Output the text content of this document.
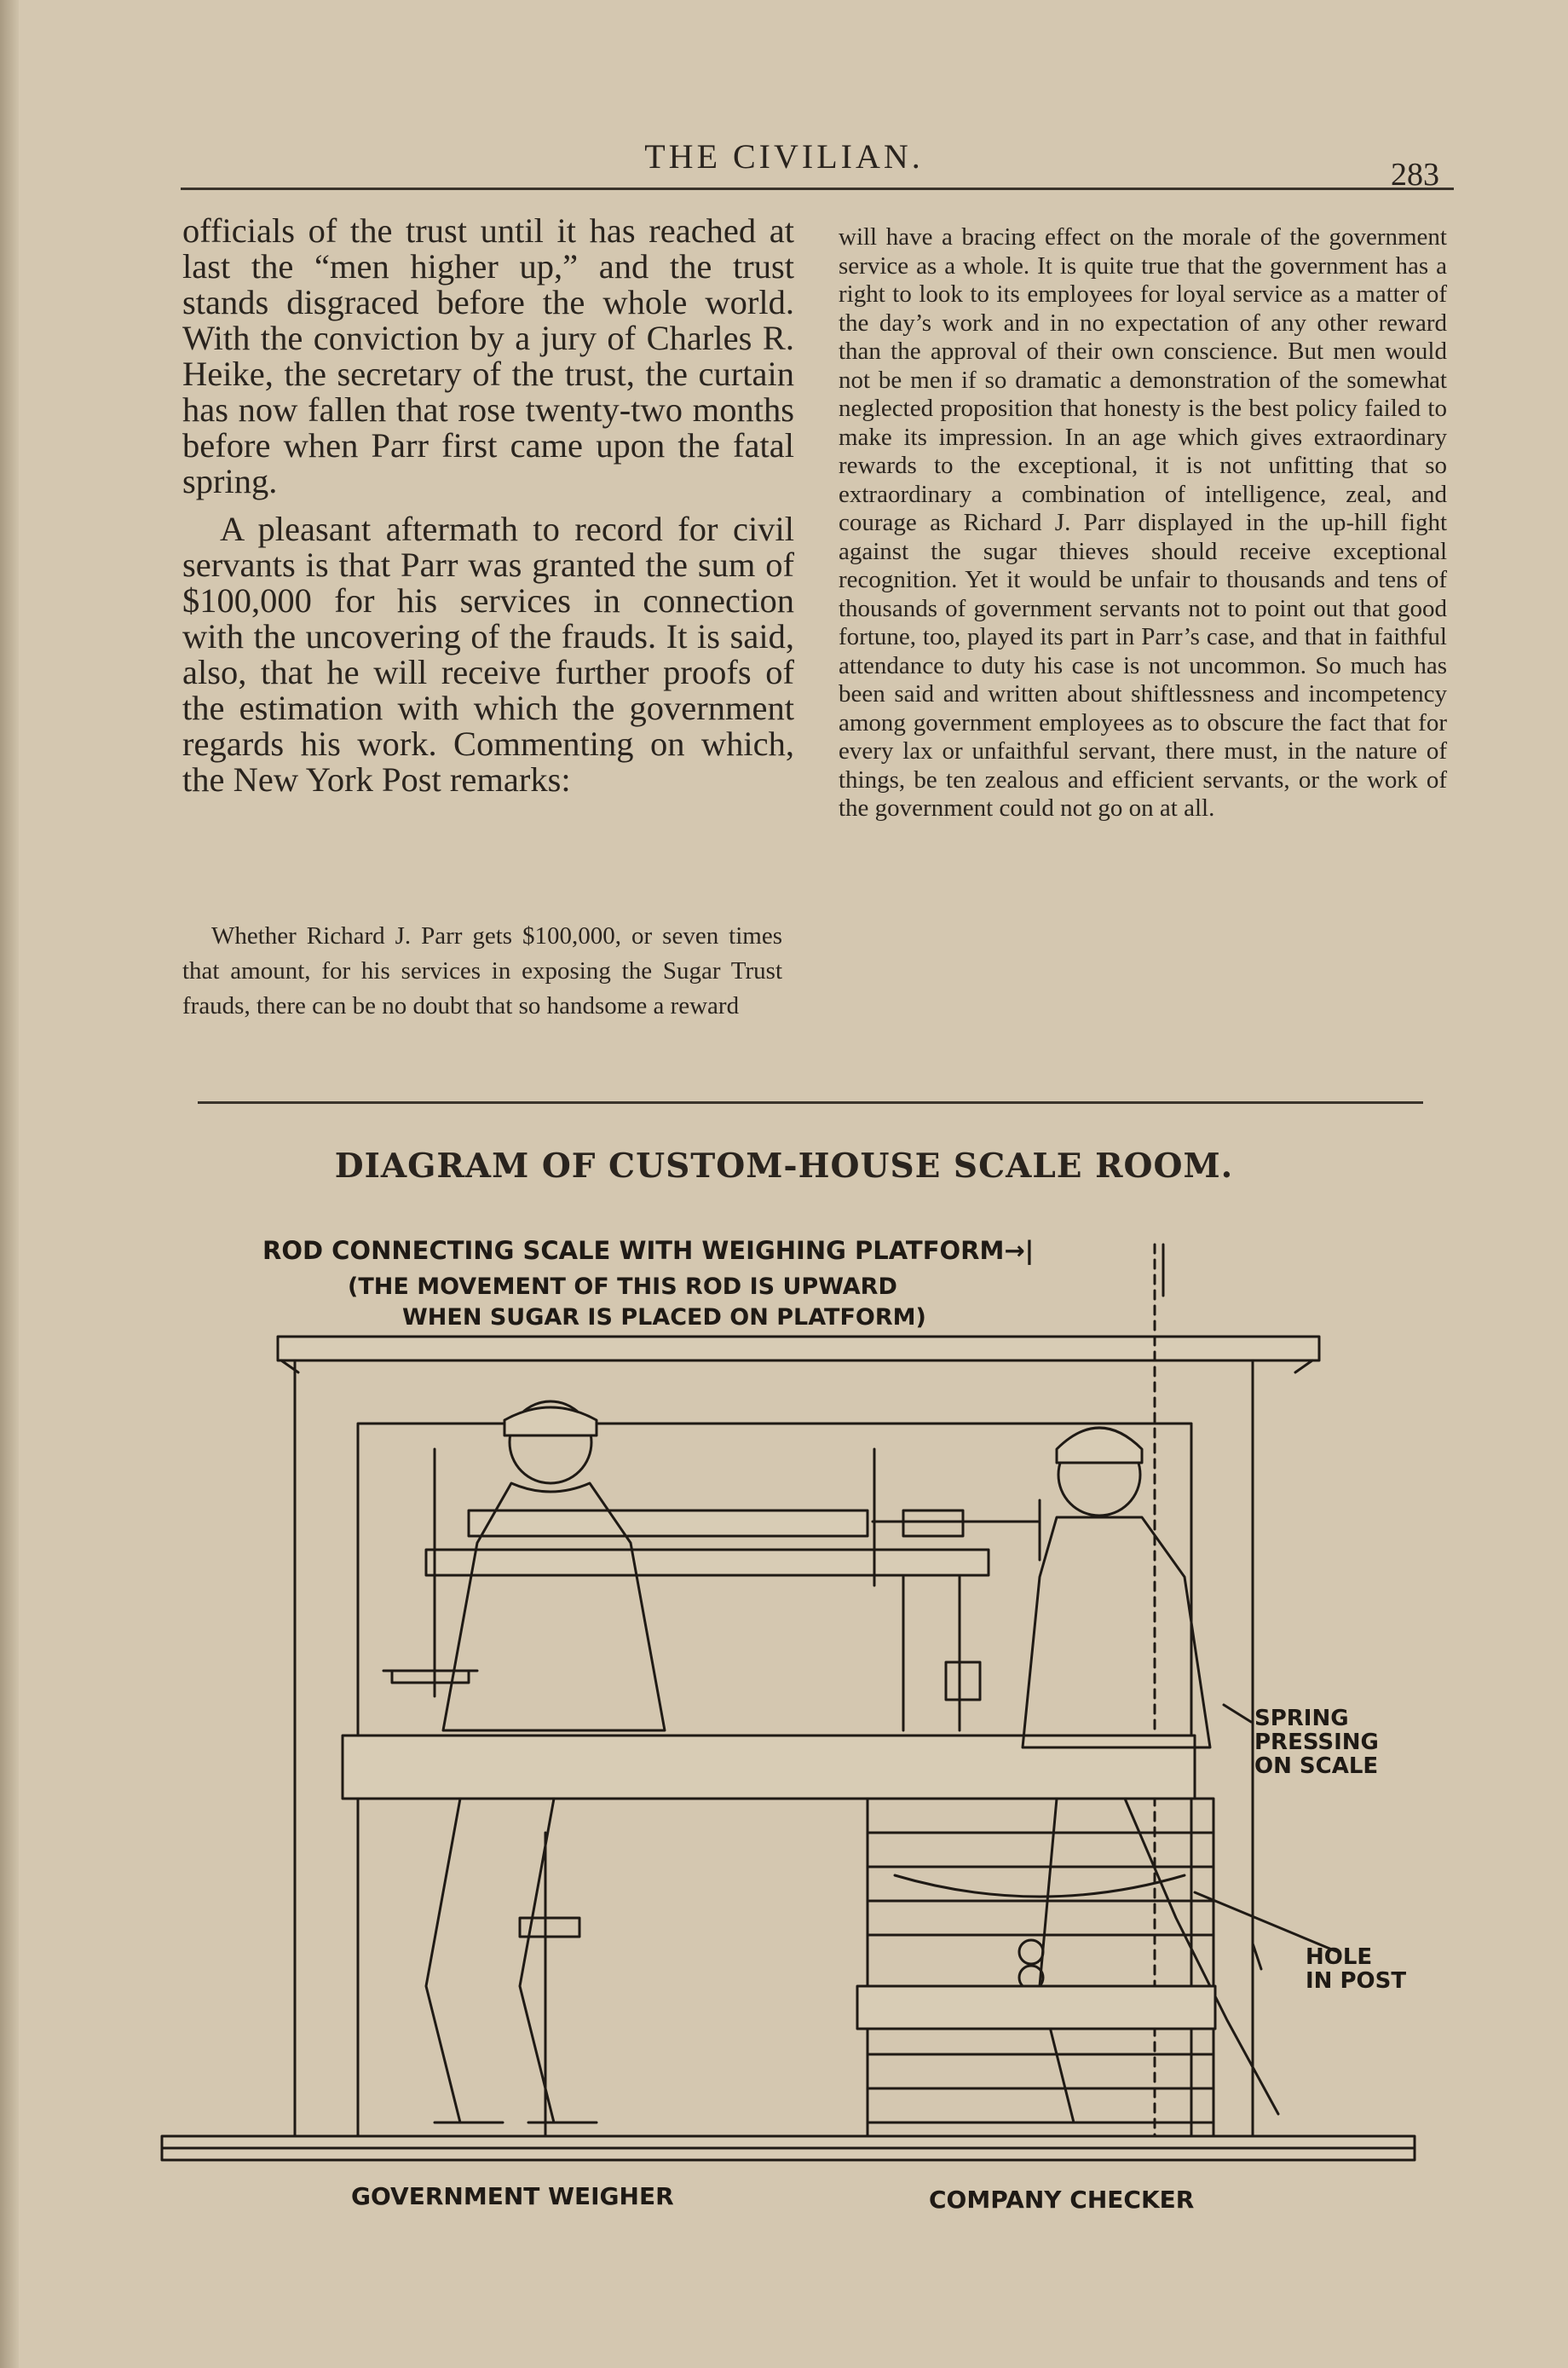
THE CIVILIAN.	283

officials of the trust until it has reached at last the “men higher up,” and the trust stands disgraced before the whole world. With the conviction by a jury of Charles R. Heike, the secretary of the trust, the curtain has now fallen that rose twenty-two months before when Parr first came upon the fatal spring.

A pleasant aftermath to record for civil servants is that Parr was granted the sum of $100,000 for his services in connection with the uncovering of the frauds. It is said, also, that he will receive further proofs of the estimation with which the government regards his work. Commenting on which, the New York Post remarks:

Whether Richard J. Parr gets $100,000, or seven times that amount, for his services in exposing the Sugar Trust frauds, there can be no doubt that so handsome a reward

will have a bracing effect on the morale of the government service as a whole. It is quite true that the government has a right to look to its employees for loyal service as a matter of the day’s work and in no expectation of any other reward than the approval of their own conscience. But men would not be men if so dramatic a demonstration of the somewhat neglected proposition that honesty is the best policy failed to make its impression. In an age which gives extraordinary rewards to the exceptional, it is not unfitting that so extraordinary a combination of intelligence, zeal, and courage as Richard J. Parr displayed in the up-hill fight against the sugar thieves should receive exceptional recognition. Yet it would be unfair to thousands and tens of thousands of government servants not to point out that good fortune, too, played its part in Parr’s case, and that in faithful attendance to duty his case is not uncommon. So much has been said and written about shiftlessness and incompetency among government employees as to obscure the fact that for every lax or unfaithful servant, there must, in the nature of things, be ten zealous and efficient servants, or the work of the government could not go on at all.

DIAGRAM OF CUSTOM-HOUSE SCALE ROOM.
ROD CONNECTING SCALE WITH WEIGHING PLATFORM→|
(THE MOVEMENT OF THIS ROD IS UPWARD
WHEN SUGAR IS PLACED ON PLATFORM)
SPRING
PRESSING
ON SCALE
HOLE
IN POST
GOVERNMENT WEIGHER	COMPANY CHECKER
